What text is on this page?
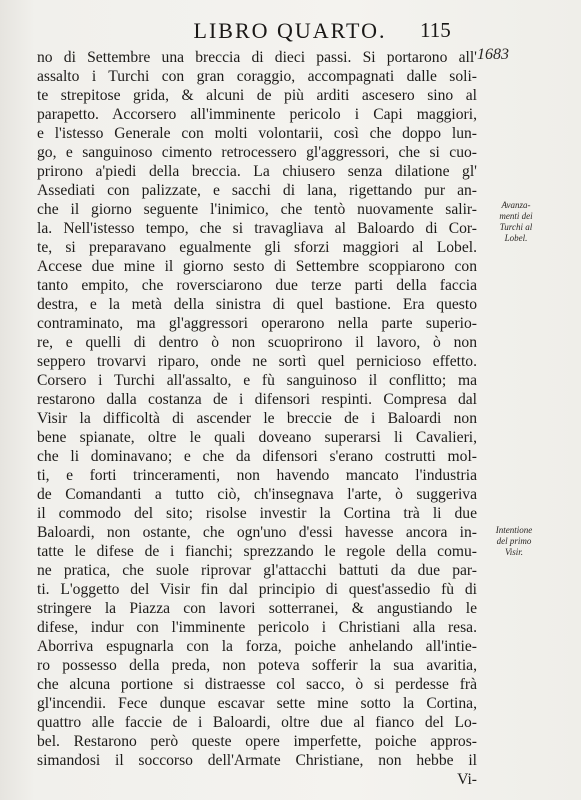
LIBRO QUARTO.	115
1683
no di Settembre una breccia di dieci passi. Si portarono all'
assalto i Turchi con gran coraggio, accompagnati dalle soli-
te strepitose grida, & alcuni de più arditi ascesero sino al
parapetto. Accorsero all'imminente pericolo i Capi maggiori,
e l'istesso Generale con molti volontarii, così che doppo lun-
go, e sanguinoso cimento retrocessero gl'aggressori, che si cuo-
prirono a'piedi della breccia. La chiusero senza dilatione gl'
Assediati con palizzate, e sacchi di lana, rigettando pur an-
che il giorno seguente l'inimico, che tentò nuovamente salir-
la. Nell'istesso tempo, che si travagliava al Baloardo di Cor-
te, si preparavano egualmente gli sforzi maggiori al Lobel.
Accese due mine il giorno sesto di Settembre scoppiarono con
tanto empito, che roversciarono due terze parti della faccia
destra, e la metà della sinistra di quel bastione. Era questo
contraminato, ma gl'aggressori operarono nella parte superio-
re, e quelli di dentro ò non scuoprirono il lavoro, ò non
seppero trovarvi riparo, onde ne sortì quel pernicioso effetto.
Corsero i Turchi all'assalto, e fù sanguinoso il conflitto; ma
restarono dalla costanza de i difensori respinti. Compresa dal
Visir la difficoltà di ascender le breccie de i Baloardi non
bene spianate, oltre le quali doveano superarsi li Cavalieri,
che li dominavano; e che da difensori s'erano costrutti mol-
ti, e forti trinceramenti, non havendo mancato l'industria
de Comandanti a tutto ciò, ch'insegnava l'arte, ò suggeriva
il commodo del sito; risolse investir la Cortina trà li due
Baloardi, non ostante, che ogn'uno d'essi havesse ancora in-
tatte le difese de i fianchi; sprezzando le regole della comu-
ne pratica, che suole riprovar gl'attacchi battuti da due par-
ti. L'oggetto del Visir fin dal principio di quest'assedio fù di
stringere la Piazza con lavori sotterranei, & angustiando le
difese, indur con l'imminente pericolo i Christiani alla resa.
Aborriva espugnarla con la forza, poiche anhelando all'intie-
ro possesso della preda, non poteva sofferir la sua avaritia,
che alcuna portione si distraesse col sacco, ò si perdesse frà
gl'incendii. Fece dunque escavar sette mine sotto la Cortina,
quattro alle faccie de i Baloardi, oltre due al fianco del Lo-
bel. Restarono però queste opere imperfette, poiche appros-
simandosi il soccorso dell'Armate Christiane, non hebbe il
Vi-
Avanza-
menti dei
Turchi al
Lobel.
Intentione
del primo
Visir.
